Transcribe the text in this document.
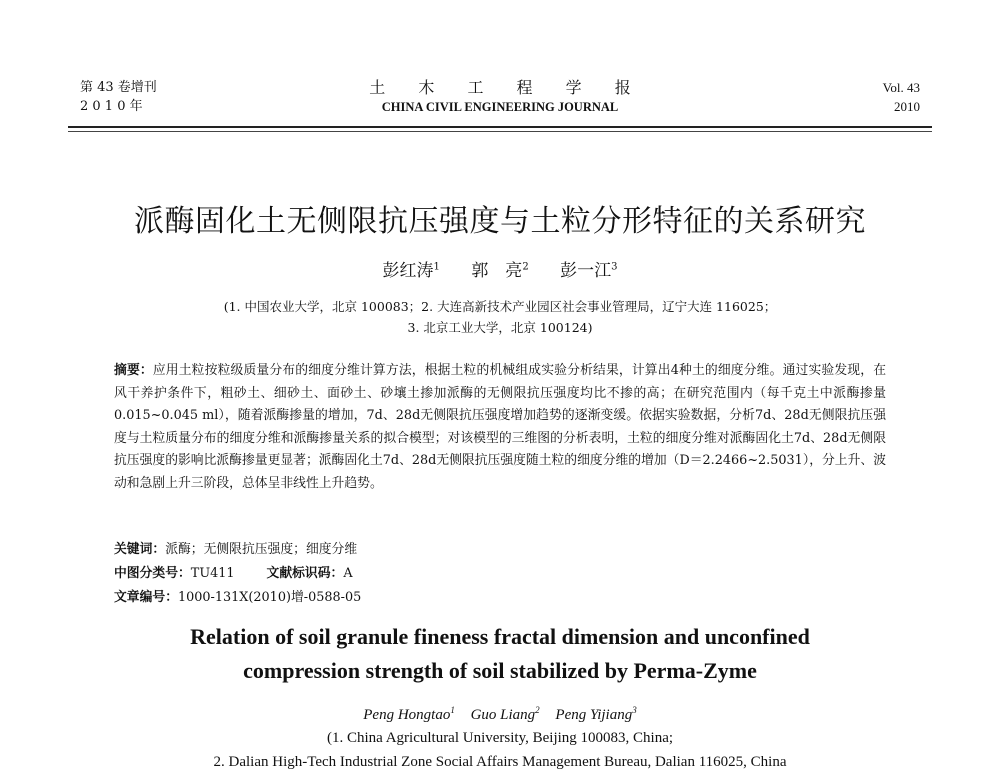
第 43 卷增刊
2 0 1 0 年
土 木 工 程 学 报
CHINA CIVIL ENGINEERING JOURNAL
Vol. 43
2010
派酶固化土无侧限抗压强度与土粒分形特征的关系研究
彭红涛$^1$ 郭　亮$^2$ 彭一江$^3$
(1. 中国农业大学，北京 100083；2. 大连高新技术产业园区社会事业管理局，辽宁大连 116025；
3. 北京工业大学，北京 100124)
摘要：应用土粒按粒级质量分布的细度分维计算方法，根据土粒的机械组成实验分析结果，计算出4种土的细度分维。通过实验发现，在风干养护条件下，粗砂土、细砂土、面砂土、砂壤土掺加派酶的无侧限抗压强度均比不掺的高；在研究范围内（每千克土中派酶掺量0.015~0.045 ml），随着派酶掺量的增加，7d、28d无侧限抗压强度增加趋势的逐渐变缓。依据实验数据，分析7d、28d无侧限抗压强度与土粒质量分布的细度分维和派酶掺量关系的拟合模型；对该模型的三维图的分析表明，土粒的细度分维对派酶固化土7d、28d无侧限抗压强度的影响比派酶掺量更显著；派酶固化土7d、28d无侧限抗压强度随土粒的细度分维的增加（D＝2.2466~2.5031），分上升、波动和急剧上升三阶段，总体呈非线性上升趋势。
关键词：派酶；无侧限抗压强度；细度分维
中图分类号：TU411	文献标识码：A
文章编号：1000-131X(2010)增-0588-05
Relation of soil granule fineness fractal dimension and unconfined
compression strength of soil stabilized by Perma-Zyme
Peng Hongtao$^1$ Guo Liang$^2$ Peng Yijiang$^3$
(1. China Agricultural University, Beijing 100083, China;
2. Dalian High-Tech Industrial Zone Social Affairs Management Bureau, Dalian 116025, China
